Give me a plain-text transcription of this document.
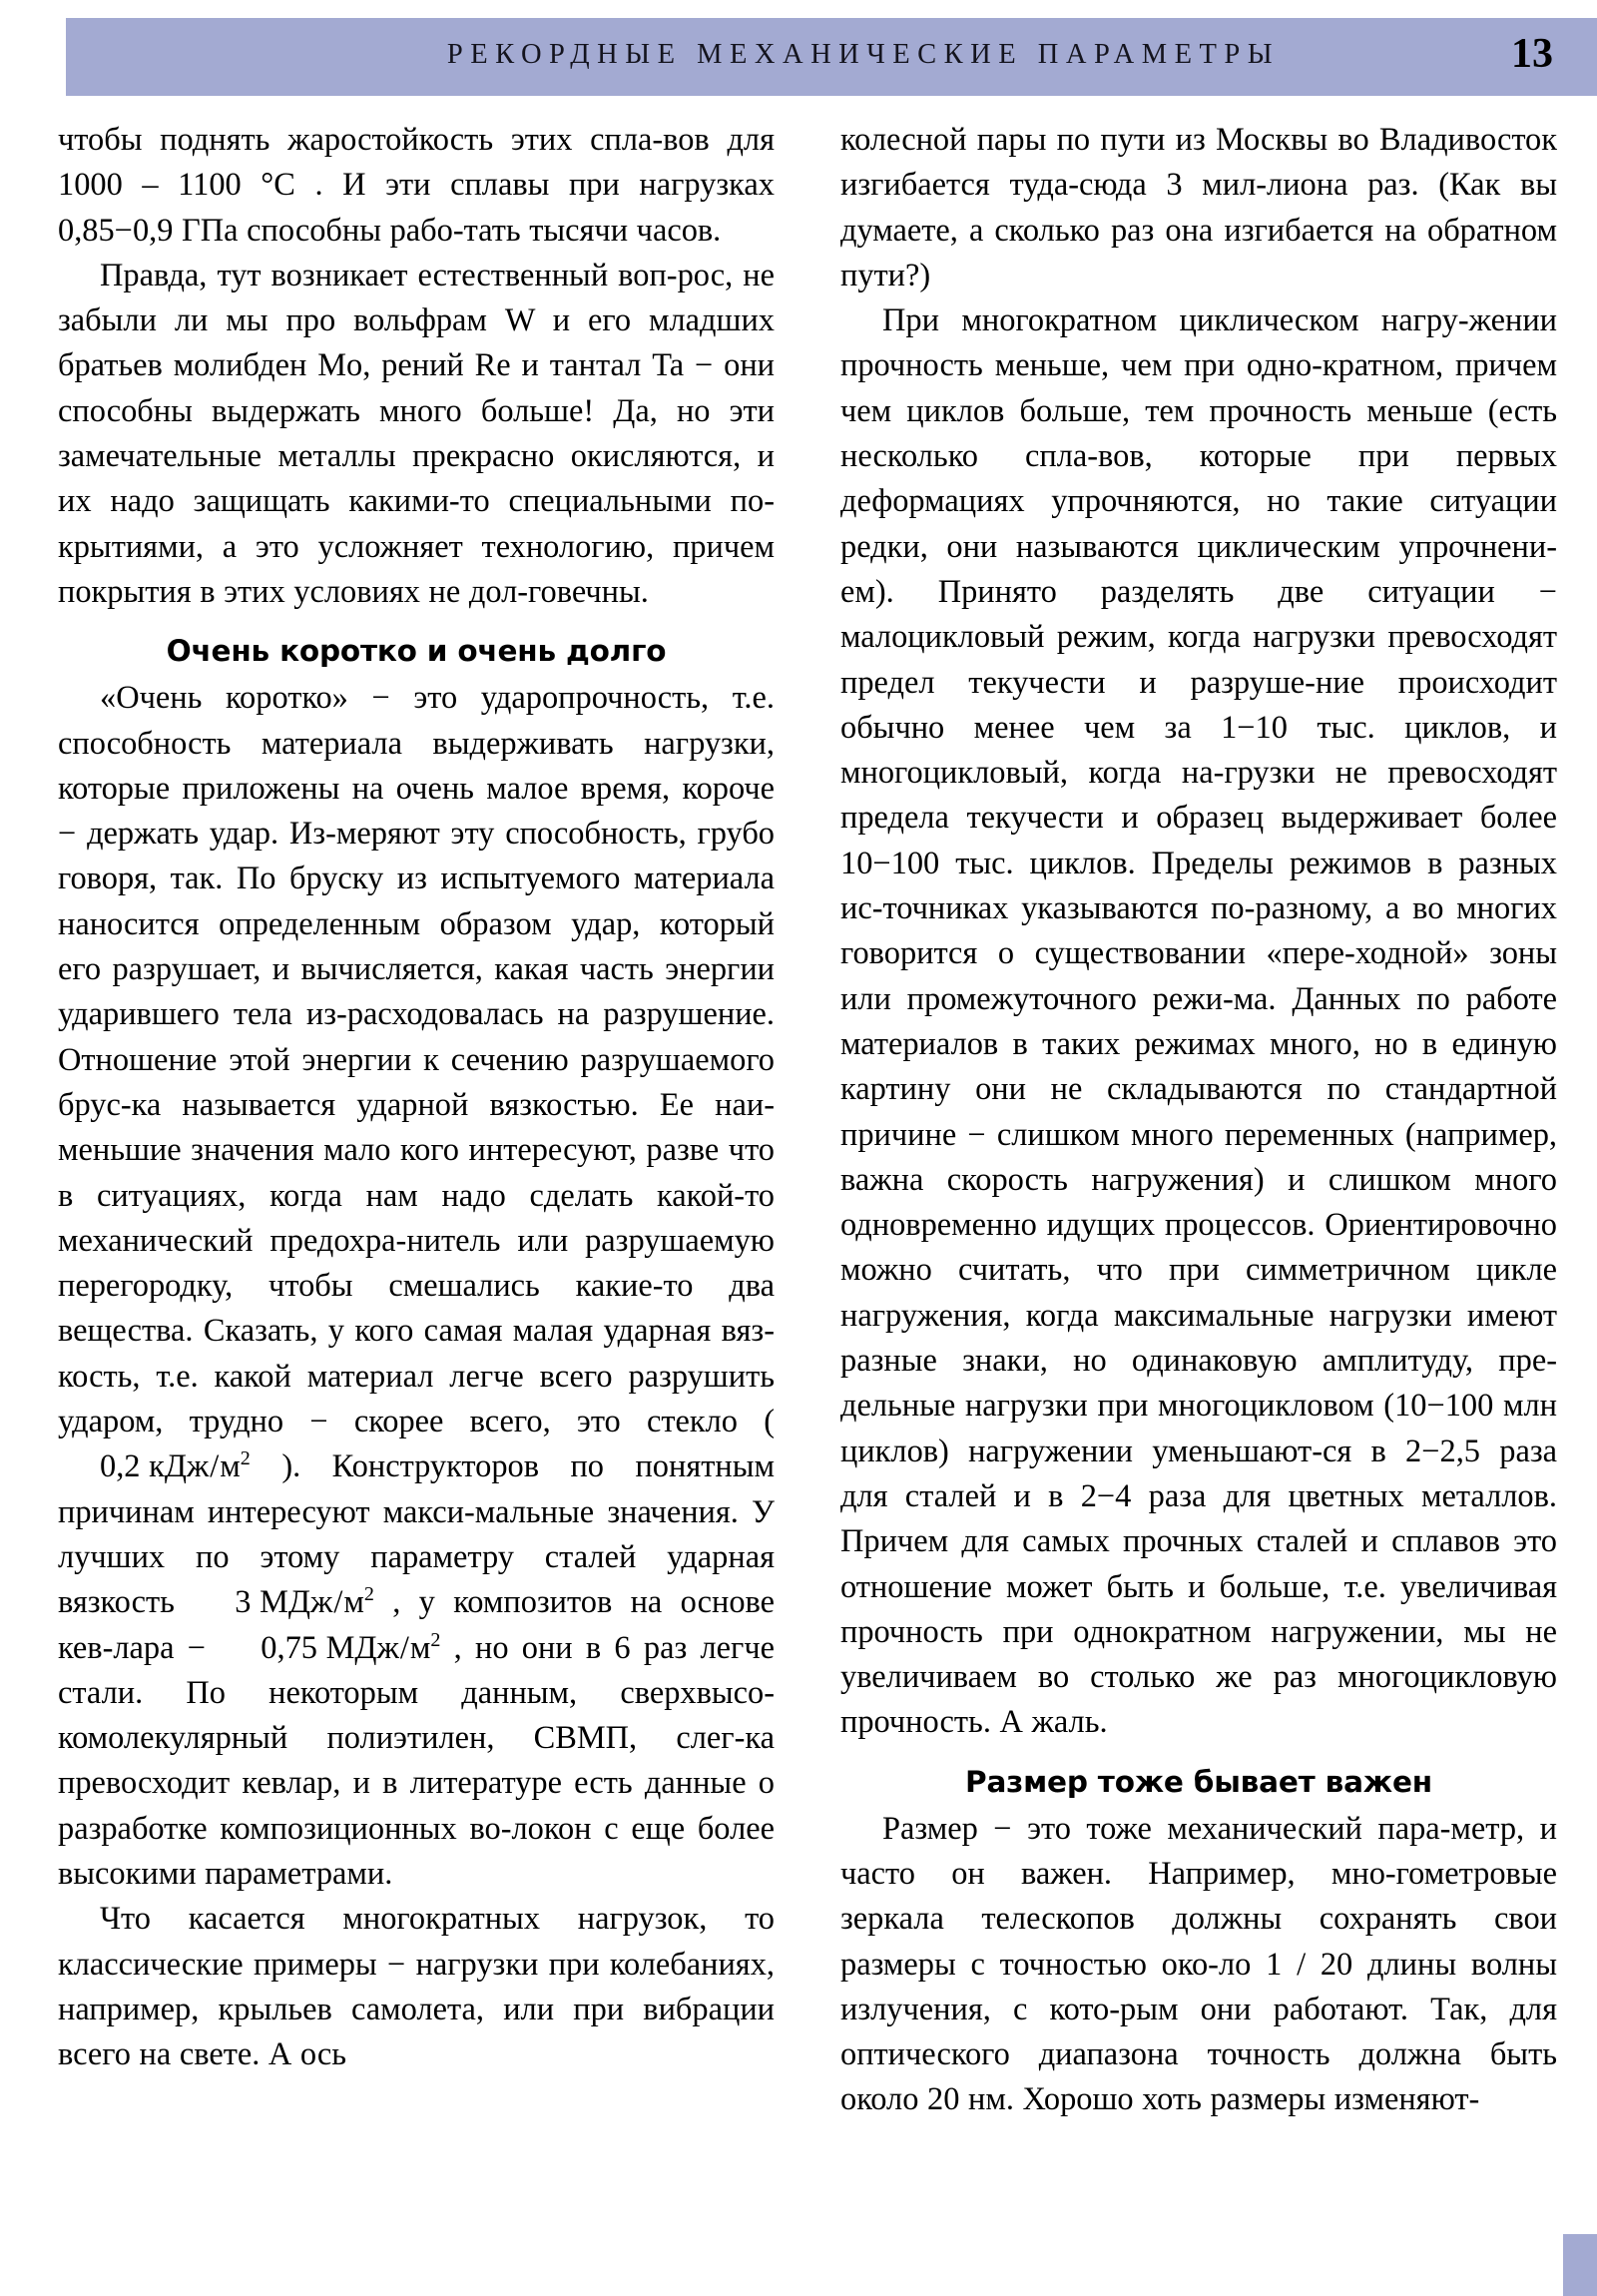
РЕКОРДНЫЕ МЕХАНИЧЕСКИЕ ПАРАМЕТРЫ	13

чтобы поднять жаростойкость этих спла-вов для 1000 – 1100 °C . И эти сплавы при нагрузках 0,85−0,9 ГПа способны рабо-тать тысячи часов.

Правда, тут возникает естественный воп-рос, не забыли ли мы про вольфрам W и его младших братьев молибден Mo, рений Re и тантал Ta − они способны выдержать много больше! Да, но эти замечательные металлы прекрасно окисляются, и их надо защищать какими-то специальными по-крытиями, а это усложняет технологию, причем покрытия в этих условиях не дол-говечны.

Очень коротко и очень долго

«Очень коротко» − это ударопрочность, т.е. способность материала выдерживать нагрузки, которые приложены на очень малое время, короче − держать удар. Из-меряют эту способность, грубо говоря, так. По бруску из испытуемого материала наносится определенным образом удар, который его разрушает, и вычисляется, какая часть энергии ударившего тела из-расходовалась на разрушение. Отношение этой энергии к сечению разрушаемого брус-ка называется ударной вязкостью. Ее наи-меньшие значения мало кого интересуют, разве что в ситуациях, когда нам надо сделать какой-то механический предохра-нитель или разрушаемую перегородку, чтобы смешались какие-то два вещества. Сказать, у кого самая малая ударная вяз-кость, т.е. какой материал легче всего разрушить ударом, трудно − скорее всего, это стекло ( 0,2 кДж/$м^2$ ). Конструкторов по понятным причинам интересуют макси-мальные значения. У лучших по этому параметру сталей ударная вязкость 3 МДж/$м^2$ , у композитов на основе кев-лара − 0,75 МДж/$м^2$ , но они в 6 раз легче стали. По некоторым данным, сверхвысо-комолекулярный полиэтилен, СВМП, слег-ка превосходит кевлар, и в литературе есть данные о разработке композиционных во-локон с еще более высокими параметрами.

Что касается многократных нагрузок, то классические примеры − нагрузки при колебаниях, например, крыльев самолета, или при вибрации всего на свете. А ось

колесной пары по пути из Москвы во Владивосток изгибается туда-сюда 3 мил-лиона раз. (Как вы думаете, а сколько раз она изгибается на обратном пути?)

При многократном циклическом нагру-жении прочность меньше, чем при одно-кратном, причем чем циклов больше, тем прочность меньше (есть несколько спла-вов, которые при первых деформациях упрочняются, но такие ситуации редки, они называются циклическим упрочнени-ем). Принято разделять две ситуации − малоцикловый режим, когда нагрузки превосходят предел текучести и разруше-ние происходит обычно менее чем за 1−10 тыс. циклов, и многоцикловый, когда на-грузки не превосходят предела текучести и образец выдерживает более 10−100 тыс. циклов. Пределы режимов в разных ис-точниках указываются по-разному, а во многих говорится о существовании «пере-ходной» зоны или промежуточного режи-ма. Данных по работе материалов в таких режимах много, но в единую картину они не складываются по стандартной причине − слишком много переменных (например, важна скорость нагружения) и слишком много одновременно идущих процессов. Ориентировочно можно считать, что при симметричном цикле нагружения, когда максимальные нагрузки имеют разные знаки, но одинаковую амплитуду, пре-дельные нагрузки при многоцикловом (10−100 млн циклов) нагружении уменьшают-ся в 2−2,5 раза для сталей и в 2−4 раза для цветных металлов. Причем для самых прочных сталей и сплавов это отношение может быть и больше, т.е. увеличивая прочность при однократном нагружении, мы не увеличиваем во столько же раз многоцикловую прочность. А жаль.

Размер тоже бывает важен

Размер − это тоже механический пара-метр, и часто он важен. Например, мно-гометровые зеркала телескопов должны сохранять свои размеры с точностью око-ло 1 / 20 длины волны излучения, с кото-рым они работают. Так, для оптического диапазона точность должна быть около 20 нм. Хорошо хоть размеры изменяют-
